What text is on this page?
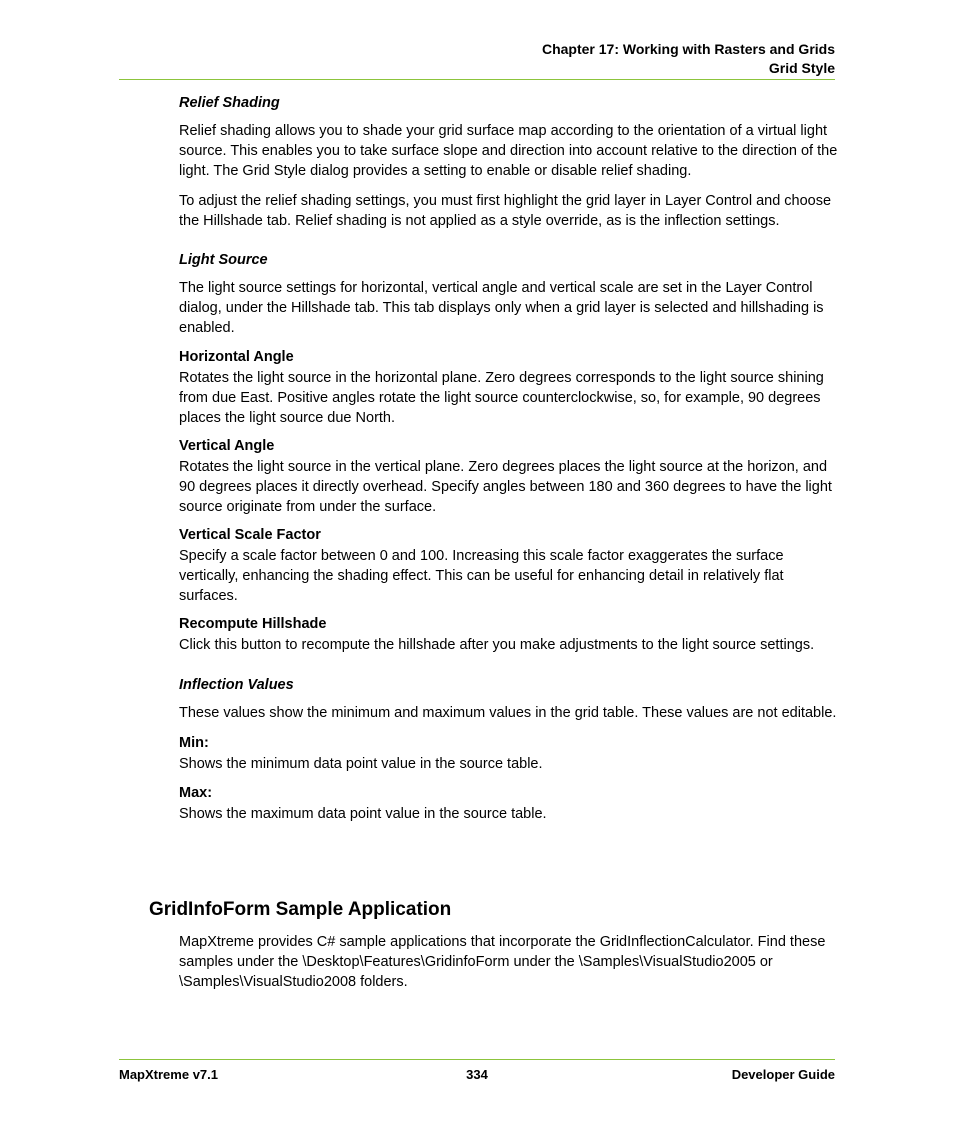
Chapter 17: Working with Rasters and Grids
Grid Style

Relief Shading

Relief shading allows you to shade your grid surface map according to the orientation of a virtual light source. This enables you to take surface slope and direction into account relative to the direction of the light. The Grid Style dialog provides a setting to enable or disable relief shading.

To adjust the relief shading settings, you must first highlight the grid layer in Layer Control and choose the Hillshade tab. Relief shading is not applied as a style override, as is the inflection settings.

Light Source

The light source settings for horizontal, vertical angle and vertical scale are set in the Layer Control dialog, under the Hillshade tab. This tab displays only when a grid layer is selected and hillshading is enabled.

Horizontal Angle

Rotates the light source in the horizontal plane. Zero degrees corresponds to the light source shining from due East. Positive angles rotate the light source counterclockwise, so, for example, 90 degrees places the light source due North.

Vertical Angle

Rotates the light source in the vertical plane. Zero degrees places the light source at the horizon, and 90 degrees places it directly overhead. Specify angles between 180 and 360 degrees to have the light source originate from under the surface.

Vertical Scale Factor

Specify a scale factor between 0 and 100. Increasing this scale factor exaggerates the surface vertically, enhancing the shading effect. This can be useful for enhancing detail in relatively flat surfaces.

Recompute Hillshade

Click this button to recompute the hillshade after you make adjustments to the light source settings.

Inflection Values

These values show the minimum and maximum values in the grid table. These values are not editable.

Min:

Shows the minimum data point value in the source table.

Max:

Shows the maximum data point value in the source table.

GridInfoForm Sample Application

MapXtreme provides C# sample applications that incorporate the GridInflectionCalculator. Find these samples under the \Desktop\Features\GridinfoForm under the \Samples\VisualStudio2005 or \Samples\VisualStudio2008 folders.

MapXtreme v7.1	334	Developer Guide
